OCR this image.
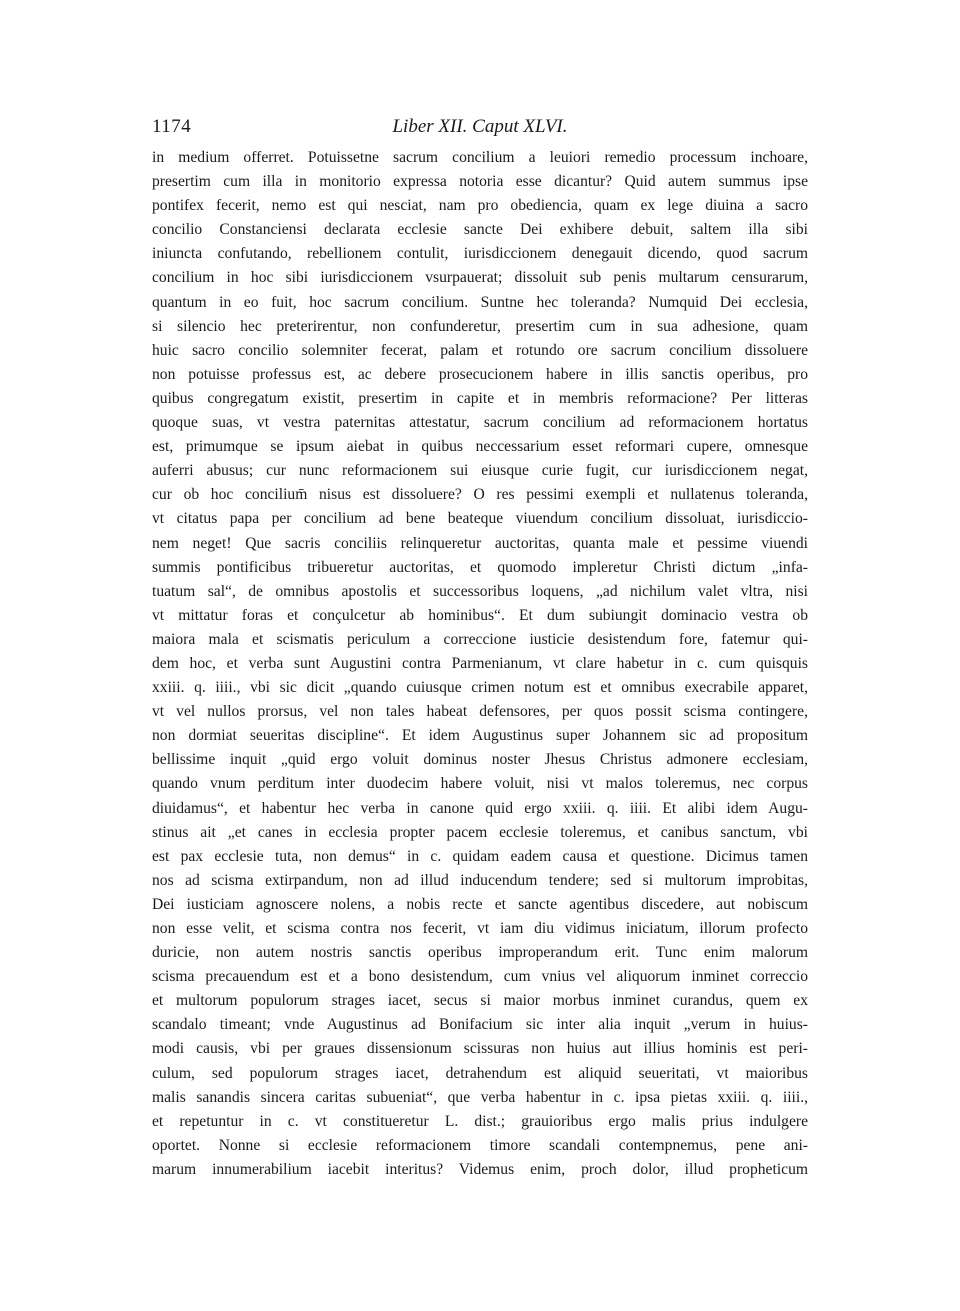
1174	Liber XII. Caput XLVI.
in medium offerret. Potuissetne sacrum concilium a leuiori remedio processum inchoare,
presertim cum illa in monitorio expressa notoria esse dicantur? Quid autem summus ipse
pontifex fecerit, nemo est qui nesciat, nam pro obediencia, quam ex lege diuina a sacro
concilio Constanciensi declarata ecclesie sancte Dei exhibere debuit, saltem illa sibi
iniuncta confutando, rebellionem contulit, iurisdiccionem denegauit dicendo, quod sacrum
concilium in hoc sibi iurisdiccionem vsurpauerat; dissoluit sub penis multarum censurarum,
quantum in eo fuit, hoc sacrum concilium. Suntne hec toleranda? Numquid Dei ecclesia,
si silencio hec preterirentur, non confunderetur, presertim cum in sua adhesione, quam
huic sacro concilio solemniter fecerat, palam et rotundo ore sacrum concilium dissoluere
non potuisse professus est, ac debere prosecucionem habere in illis sanctis operibus, pro
quibus congregatum existit, presertim in capite et in membris reformacione? Per litteras
quoque suas, vt vestra paternitas attestatur, sacrum concilium ad reformacionem hortatus
est, primumque se ipsum aiebat in quibus neccessarium esset reformari cupere, omnesque
auferri abusus; cur nunc reformacionem sui eiusque curie fugit, cur iurisdiccionem negat,
cur ob hoc concilium̄ nisus est dissoluere? O res pessimi exempli et nullatenus toleranda,
vt citatus papa per concilium ad bene beateque viuendum concilium dissoluat, iurisdiccio-
nem neget! Que sacris conciliis relinqueretur auctoritas, quanta male et pessime viuendi
summis pontificibus tribueretur auctoritas, et quomodo impleretur Christi dictum „infa-
tuatum sal“, de omnibus apostolis et successoribus loquens, „ad nichilum valet vltra, nisi
vt mittatur foras et conçulcetur ab hominibus“. Et dum subiungit dominacio vestra ob
maiora mala et scismatis periculum a correccione iusticie desistendum fore, fatemur qui-
dem hoc, et verba sunt Augustini contra Parmenianum, vt clare habetur in c. cum quisquis
xxiii. q. iiii., vbi sic dicit „quando cuiusque crimen notum est et omnibus execrabile apparet,
vt vel nullos prorsus, vel non tales habeat defensores, per quos possit scisma contingere,
non dormiat seueritas discipline“. Et idem Augustinus super Johannem sic ad propositum
bellissime inquit „quid ergo voluit dominus noster Jhesus Christus admonere ecclesiam,
quando vnum perditum inter duodecim habere voluit, nisi vt malos toleremus, nec corpus
diuidamus“, et habentur hec verba in canone quid ergo xxiii. q. iiii. Et alibi idem Augu-
stinus ait „et canes in ecclesia propter pacem ecclesie toleremus, et canibus sanctum, vbi
est pax ecclesie tuta, non demus“ in c. quidam eadem causa et questione. Dicimus tamen
nos ad scisma extirpandum, non ad illud inducendum tendere; sed si multorum improbitas,
Dei iusticiam agnoscere nolens, a nobis recte et sancte agentibus discedere, aut nobiscum
non esse velit, et scisma contra nos fecerit, vt iam diu vidimus iniciatum, illorum profecto
duricie, non autem nostris sanctis operibus improperandum erit. Tunc enim malorum
scisma precauendum est et a bono desistendum, cum vnius vel aliquorum inminet correccio
et multorum populorum strages iacet, secus si maior morbus inminet curandus, quem ex
scandalo timeant; vnde Augustinus ad Bonifacium sic inter alia inquit „verum in huius-
modi causis, vbi per graues dissensionum scissuras non huius aut illius hominis est peri-
culum, sed populorum strages iacet, detrahendum est aliquid seueritati, vt maioribus
malis sanandis sincera caritas subueniat“, que verba habentur in c. ipsa pietas xxiii. q. iiii.,
et repetuntur in c. vt constitueretur L. dist.; grauioribus ergo malis prius indulgere
oportet. Nonne si ecclesie reformacionem timore scandali contempnemus, pene ani-
marum innumerabilium iacebit interitus? Videmus enim, proch dolor, illud propheticum
